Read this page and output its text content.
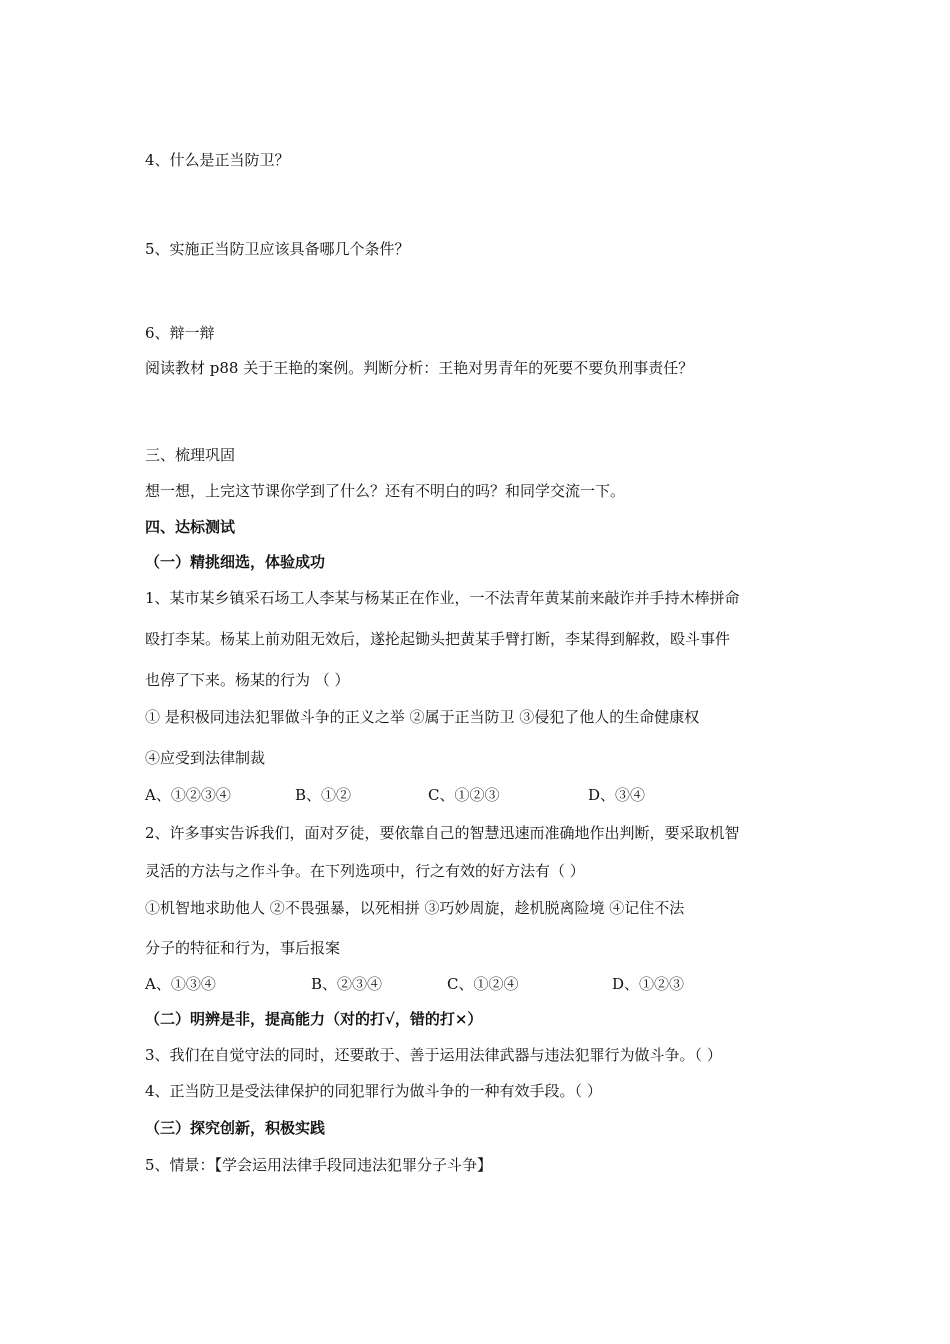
4、什么是正当防卫？
5、实施正当防卫应该具备哪几个条件？
6、辩一辩
阅读教材 p88 关于王艳的案例。判断分析：王艳对男青年的死要不要负刑事责任？
三、梳理巩固
想一想，上完这节课你学到了什么？还有不明白的吗？和同学交流一下。
四、达标测试
（一）精挑细选，体验成功
1、某市某乡镇采石场工人李某与杨某正在作业，一不法青年黄某前来敲诈并手持木棒拼命
殴打李某。杨某上前劝阻无效后，遂抡起锄头把黄某手臂打断，李某得到解救，殴斗事件
也停了下来。杨某的行为 （ ）
① 是积极同违法犯罪做斗争的正义之举 ②属于正当防卫 ③侵犯了他人的生命健康权
④应受到法律制裁
A、①②③④	B、①②	C、①②③	D、③④
2、许多事实告诉我们，面对歹徒，要依靠自己的智慧迅速而准确地作出判断，要采取机智
灵活的方法与之作斗争。在下列选项中，行之有效的好方法有（ ）
①机智地求助他人 ②不畏强暴，以死相拼 ③巧妙周旋，趁机脱离险境 ④记住不法
分子的特征和行为，事后报案
A、①③④	B、②③④	C、①②④	D、①②③
（二）明辨是非，提高能力（对的打√，错的打×）
3、我们在自觉守法的同时，还要敢于、善于运用法律武器与违法犯罪行为做斗争。（ ）
4、正当防卫是受法律保护的同犯罪行为做斗争的一种有效手段。（ ）
（三）探究创新，积极实践
5、情景：【学会运用法律手段同违法犯罪分子斗争】
